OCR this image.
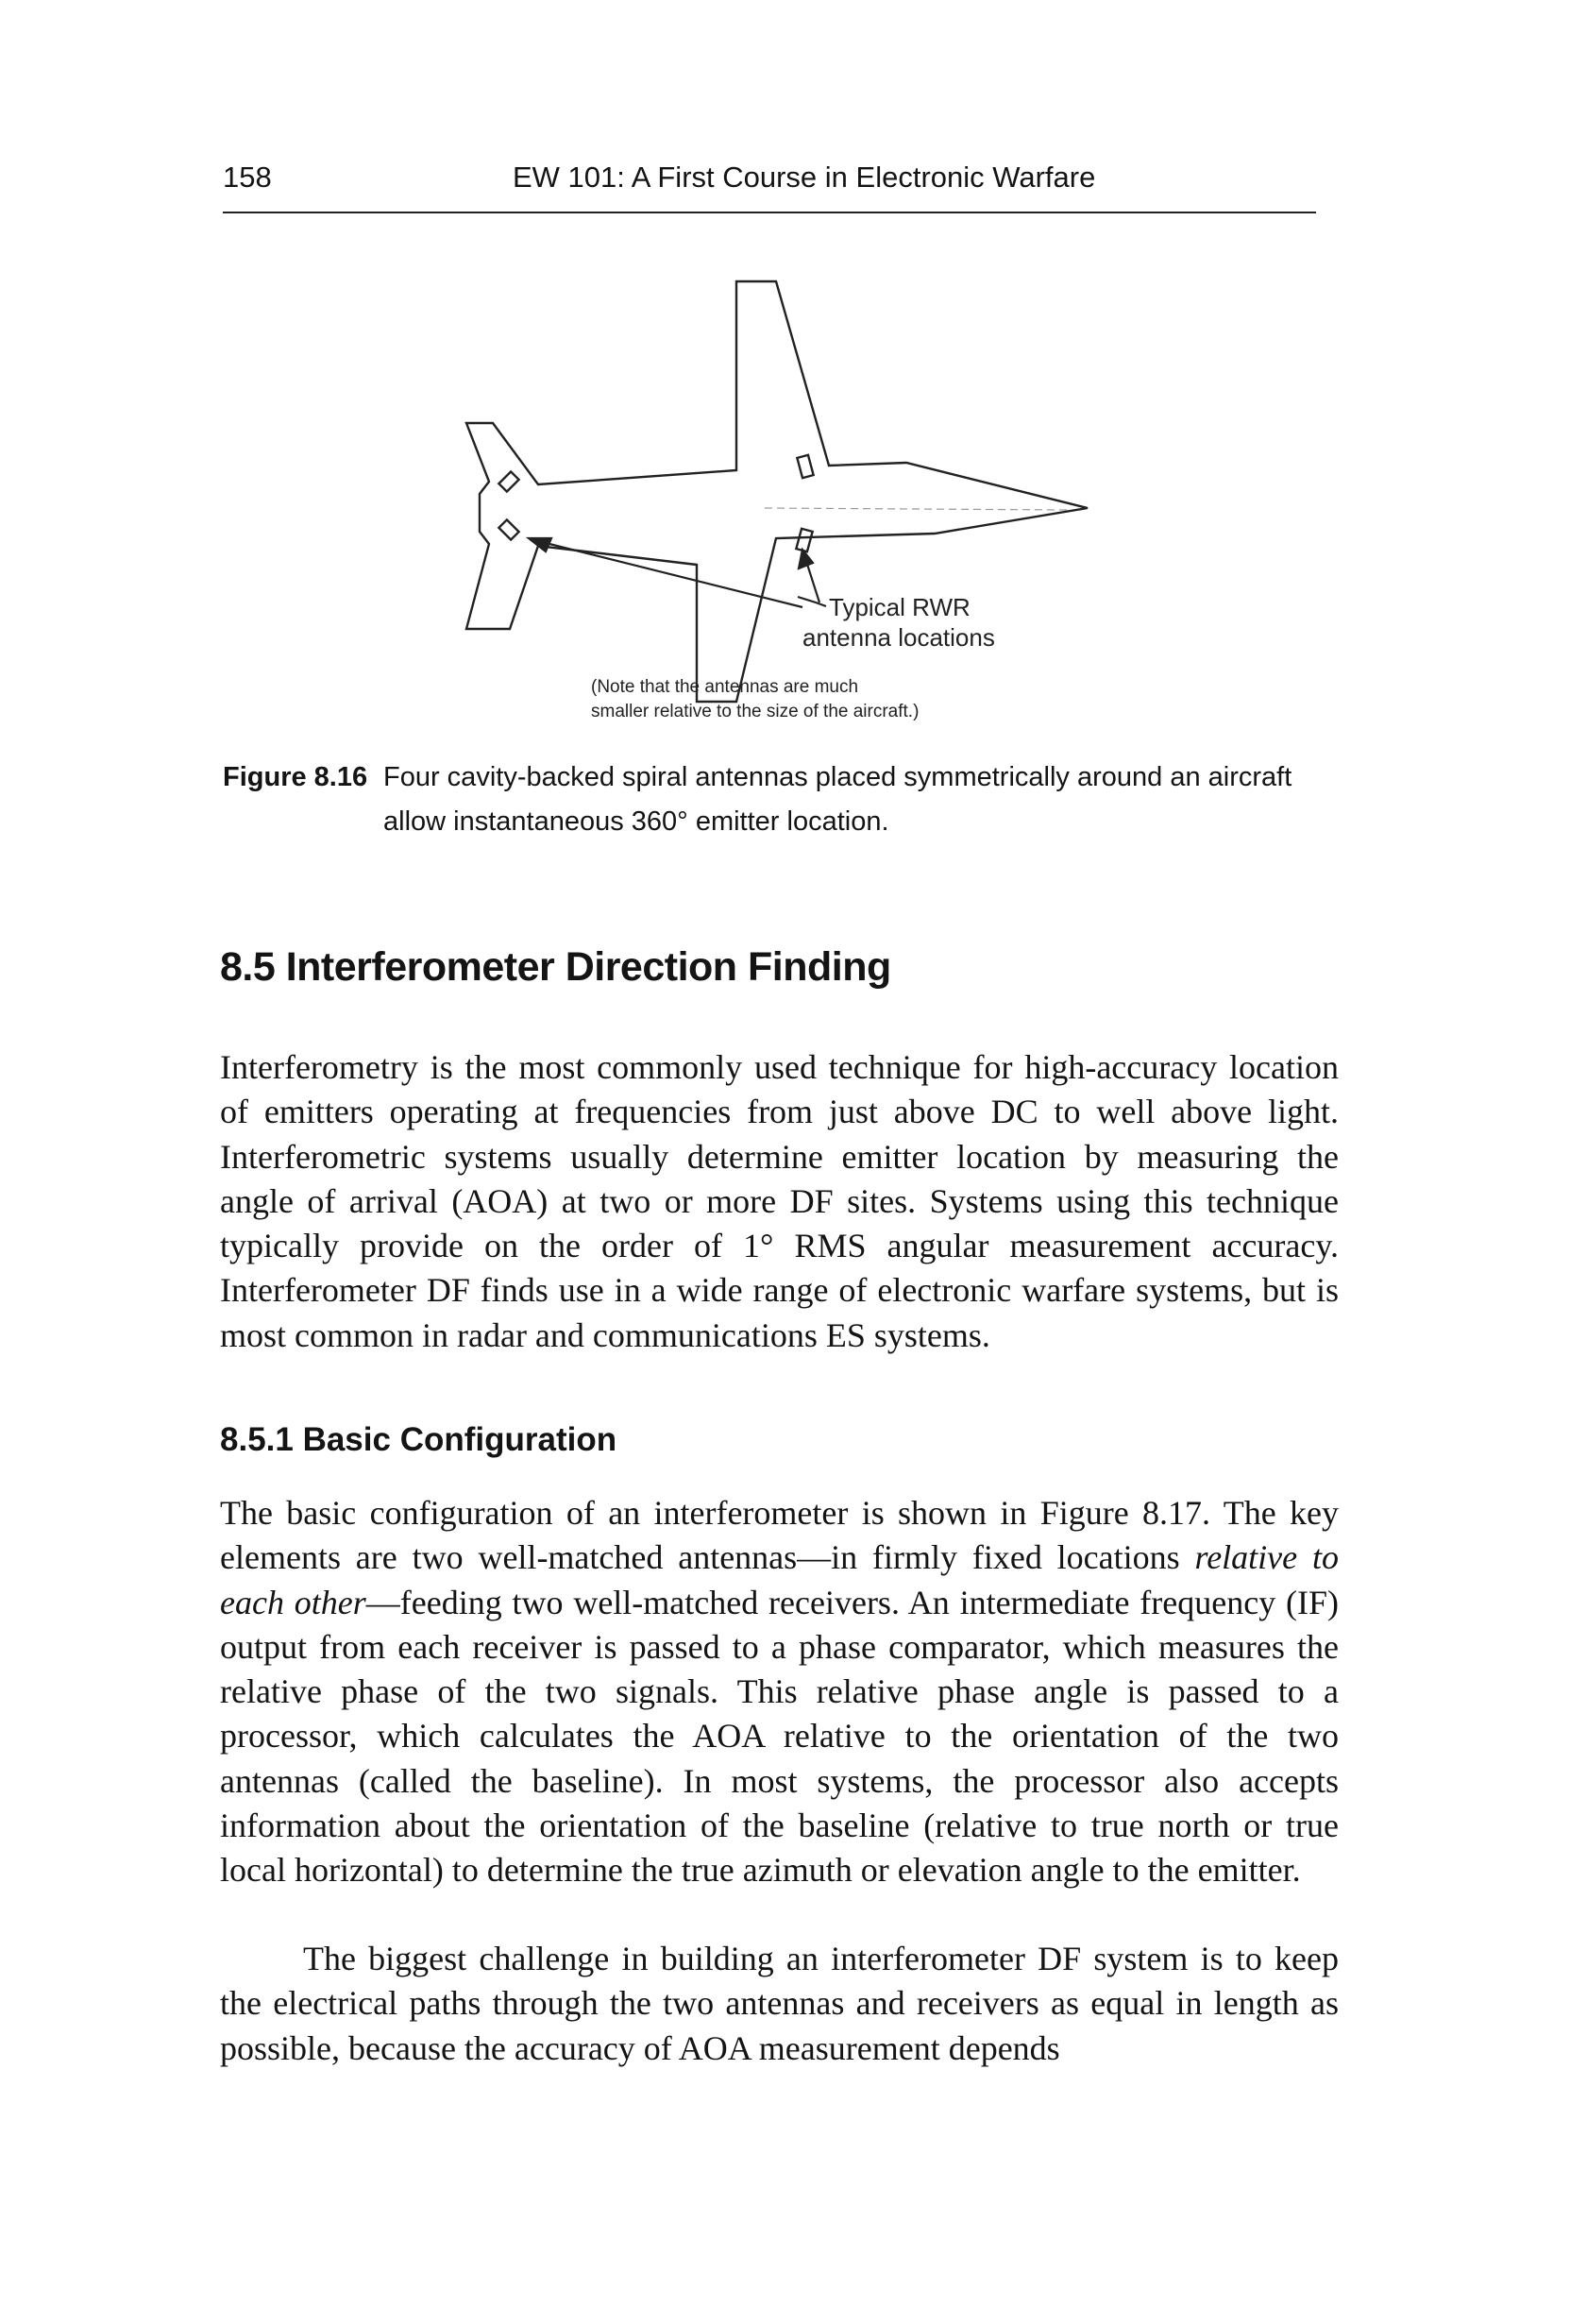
158	EW 101: A First Course in Electronic Warfare
Typical RWR
antenna locations
(Note that the antennas are much
smaller relative to the size of the aircraft.)
Figure 8.16 Four cavity-backed spiral antennas placed symmetrically around an aircraft allow instantaneous 360° emitter location.
8.5 Interferometer Direction Finding

Interferometry is the most commonly used technique for high-accuracy location of emitters operating at frequencies from just above DC to well above light. Interferometric systems usually determine emitter location by measuring the angle of arrival (AOA) at two or more DF sites. Systems using this technique typically provide on the order of 1° RMS angular measurement accuracy. Interferometer DF finds use in a wide range of electronic warfare systems, but is most common in radar and communications ES systems.

8.5.1 Basic Configuration

The basic configuration of an interferometer is shown in Figure 8.17. The key elements are two well-matched antennas—in firmly fixed locations relative to each other—feeding two well-matched receivers. An intermediate frequency (IF) output from each receiver is passed to a phase comparator, which measures the relative phase of the two signals. This relative phase angle is passed to a processor, which calculates the AOA relative to the orientation of the two antennas (called the baseline). In most systems, the processor also accepts information about the orientation of the baseline (relative to true north or true local horizontal) to determine the true azimuth or elevation angle to the emitter.

The biggest challenge in building an interferometer DF system is to keep the electrical paths through the two antennas and receivers as equal in length as possible, because the accuracy of AOA measurement depends
